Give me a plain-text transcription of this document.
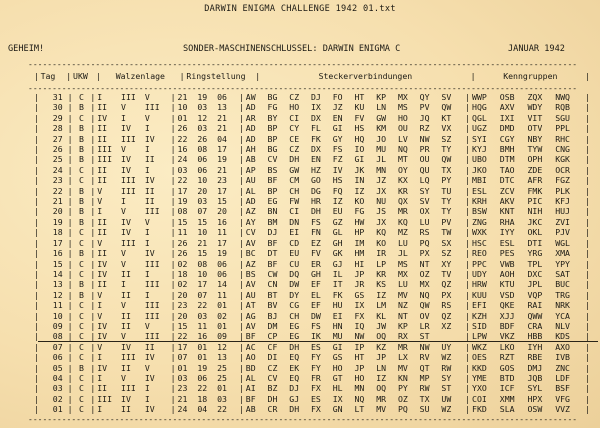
DARWIN ENIGMA CHALLENGE 1942 01.txt
GEHEIM!	SONDER-MASCHINENSCHLUSSEL: DARWIN ENIGMA C	JANUAR 1942
------------------------------------------------------------------------------------------------------------------
------------------------------------------------------------------------------------------------------------------
------------------------------------------------------------------------------------------------------------------
|	Tag	|	UKW	|	Walzenlage	|	Ringstellung	|	Steckerverbindungen	|	Kenngruppen	|
|	31	|	C	|	I	III	V	|	21	19	06	|	AW	BG	CZ	DJ	FO	HT	KP	MX	QY	SV	|	WWP	OSB	ZQX	NWQ	|
|	30	|	B	|	II	V	III	|	10	03	13	|	AD	FG	HO	IX	JZ	KU	LN	MS	PV	QW	|	HQG	AXV	WDY	RQB	|
|	29	|	C	|	IV	I	V	|	01	12	21	|	AR	BY	CI	DX	EN	FV	GW	HO	JQ	KT	|	QGL	IXI	VIT	SGU	|
|	28	|	B	|	II	IV	I	|	26	03	21	|	AD	BP	CY	FL	GI	HS	KM	OU	RZ	VX	|	UGZ	DMD	OTV	PPL	|
|	27	|	B	|	II	III	IV	|	22	26	04	|	AD	BP	CE	FK	GY	HQ	JO	LV	NW	SZ	|	SYI	CGY	NBY	RHC	|
|	26	|	B	|	III	V	I	|	16	08	17	|	AH	BG	CZ	DX	FS	IO	MU	NQ	PR	TY	|	KYJ	BMH	TYW	CNG	|
|	25	|	B	|	III	IV	II	|	24	06	19	|	AB	CV	DH	EN	FZ	GI	JL	MT	OU	QW	|	UBO	DTM	OPH	KGK	|
|	24	|	C	|	II	IV	I	|	03	06	21	|	AP	BS	GW	HZ	IV	JK	MN	OY	QU	TX	|	JKO	TAO	ZDE	OCR	|
|	23	|	C	|	II	III	IV	|	22	10	23	|	AU	BF	CM	GO	HS	IN	JZ	KX	LQ	PY	|	MBI	DTC	AFR	FGZ	|
|	22	|	B	|	V	III	II	|	17	20	17	|	AL	BP	CH	DG	FQ	IZ	JX	KR	SY	TU	|	ESL	ZCV	FMK	PLK	|
|	21	|	B	|	V	I	II	|	19	03	15	|	AD	EG	FW	HR	IZ	KO	NU	QX	SV	TY	|	KRH	AKV	PIC	KFJ	|
|	20	|	B	|	I	V	III	|	08	07	20	|	AZ	BN	CI	DH	EU	FG	JS	MR	OX	TY	|	BSW	KNT	NIH	HUJ	|
|	19	|	B	|	II	IV	V	|	15	15	16	|	AY	BM	DN	FS	GZ	HW	JX	KQ	LU	PV	|	ZNG	RHA	JKC	ZVI	|
|	18	|	C	|	II	IV	I	|	11	10	11	|	CV	DJ	EI	FN	GL	HP	KQ	MZ	RS	TW	|	WXK	IYY	OKL	PJV	|
|	17	|	C	|	V	III	I	|	26	21	17	|	AV	BF	CD	EZ	GH	IM	KO	LU	PQ	SX	|	HSC	ESL	DTI	WGL	|
|	16	|	B	|	II	V	IV	|	26	15	19	|	BC	DT	EU	FV	GK	HM	IR	JL	PX	SZ	|	REO	PES	YRG	XMA	|
|	15	|	C	|	IV	V	III	|	02	08	06	|	AZ	BF	CU	ER	GJ	HI	LP	MS	NT	XY	|	PPC	VWB	TPL	YPY	|
|	14	|	C	|	IV	II	I	|	18	10	06	|	BS	CW	DQ	GH	IL	JP	KR	MX	OZ	TV	|	UDY	AOH	DXC	SAT	|
|	13	|	B	|	II	I	III	|	02	17	14	|	AV	CN	DW	EF	IT	JR	KS	LU	MX	QZ	|	HRW	KTU	JPL	BUC	|
|	12	|	B	|	V	II	I	|	20	07	11	|	AU	BT	DY	EL	FK	GS	IZ	MV	NQ	PX	|	KUU	VSD	VQP	TRG	|
|	11	|	C	|	I	V	III	|	23	22	01	|	AT	BV	CG	EF	HU	IX	LM	NZ	QW	RS	|	EFI	QKE	RAI	NRK	|
|	10	|	C	|	V	II	III	|	20	03	02	|	AG	BJ	CH	DW	EI	FX	KL	NT	OV	QZ	|	KZH	XJJ	QWW	YCA	|
|	09	|	C	|	IV	II	V	|	15	11	01	|	AV	DM	EG	FS	HN	IQ	JW	KP	LR	XZ	|	SID	BDF	CRA	NLV	|
|	08	|	C	|	IV	V	III	|	22	16	09	|	BF	CP	EG	IK	MU	NW	OQ	RX	ST		|	LPW	VKZ	HBB	KDS	|
|	07	|	C	|	V	IV	II	|	17	01	12	|	AC	CF	DH	ES	GI	IP	KZ	MR	NW	UY	|	WKZ	LKO	IYH	AXO	|
|	06	|	C	|	I	III	IV	|	07	01	13	|	AO	DI	EQ	FY	GS	HT	JP	LX	RV	WZ	|	OES	RZT	RBE	IVB	|
|	05	|	B	|	IV	II	V	|	01	19	25	|	BD	CZ	EK	FY	HO	JP	LN	MV	QT	RW	|	KKD	GOS	DMJ	ZNC	|
|	04	|	C	|	I	V	IV	|	03	06	25	|	AL	CV	EQ	FR	GT	HO	IZ	KN	MP	SY	|	YME	BTD	JQB	LDF	|
|	03	|	C	|	II	III	I	|	23	22	01	|	AI	BZ	DJ	FX	HL	MN	OQ	PY	RW	ST	|	YXO	ICF	SYL	BSF	|
|	02	|	C	|	III	IV	I	|	21	18	03	|	BF	DH	GJ	ES	IX	NQ	MR	OZ	TX	UW	|	COI	XMM	HPX	VFG	|
|	01	|	C	|	I	II	IV	|	24	04	22	|	AB	CR	DH	FX	GN	LT	MV	PQ	SU	WZ	|	FKD	SLA	OSW	VVZ	|
